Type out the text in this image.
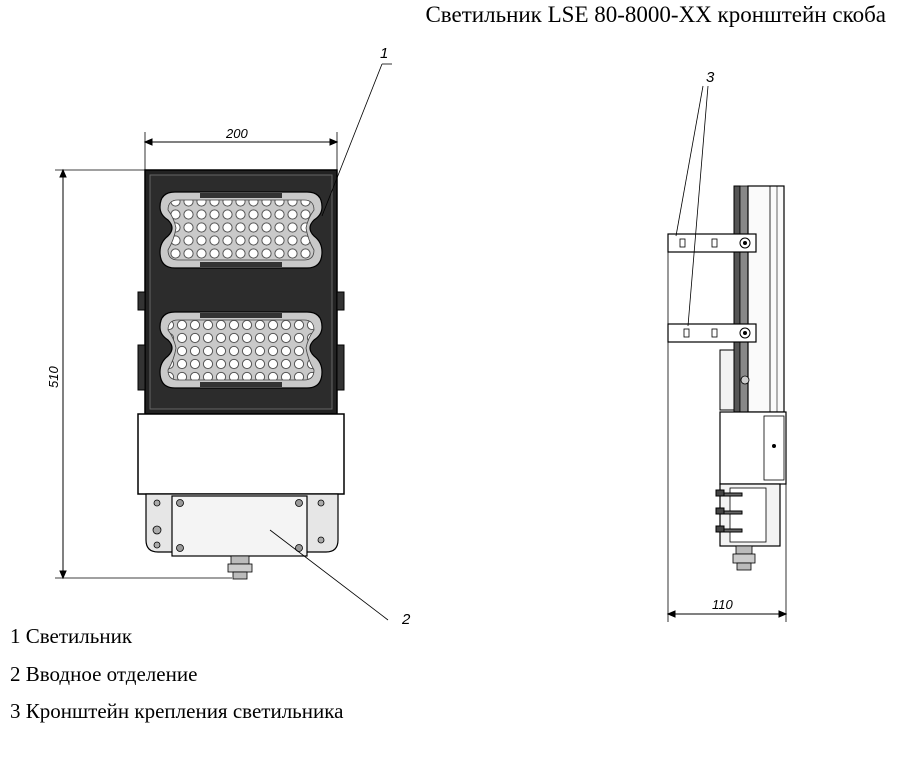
Светильник LSE 80-8000-XX кронштейн скоба
200
510
1
2
110
3
1 Светильник
2 Вводное отделение
3 Кронштейн крепления светильника
